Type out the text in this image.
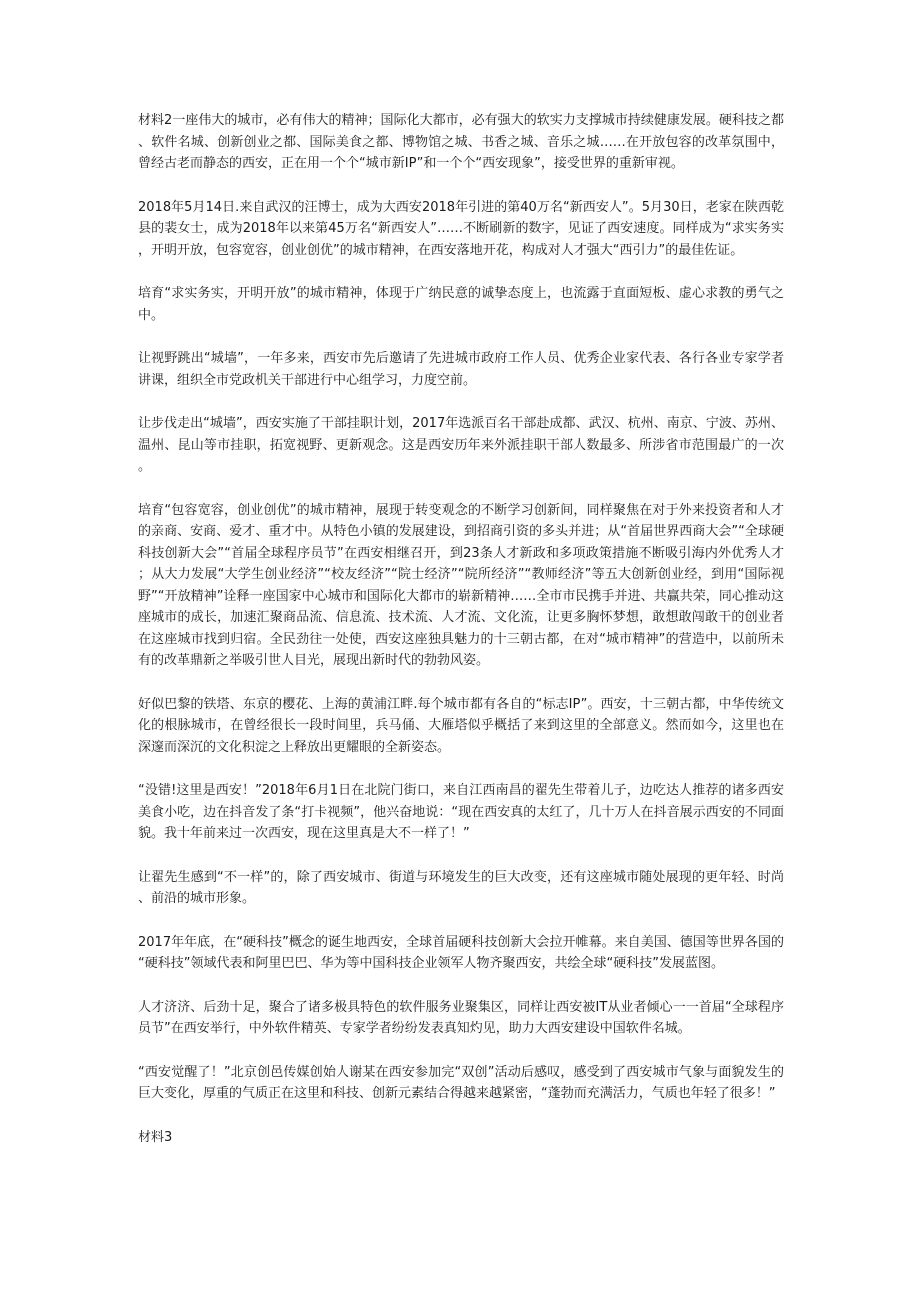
材料2一座伟大的城市，必有伟大的精神；国际化大都市，必有强大的软实力支撑城市持续健康发展。硬科技之都、软件名城、创新创业之都、国际美食之都、博物馆之城、书香之城、音乐之城……在开放包容的改革氛围中，曾经古老而静态的西安，正在用一个个“城市新IP”和一个个“西安现象”，接受世界的重新审视。

2018年5月14日.来自武汉的汪博士，成为大西安2018年引进的第40万名“新西安人”。5月30日，老家在陕西乾县的裴女士，成为2018年以来第45万名“新西安人”……不断刷新的数字，见证了西安速度。同样成为“求实务实，开明开放，包容宽容，创业创优”的城市精神，在西安落地开花，构成对人才强大“西引力”的最佳佐证。

培育“求实务实，开明开放”的城市精神，体现于广纳民意的诚挚态度上，也流露于直面短板、虚心求教的勇气之中。

让视野跳出“城墙”，一年多来，西安市先后邀请了先进城市政府工作人员、优秀企业家代表、各行各业专家学者讲课，组织全市党政机关干部进行中心组学习，力度空前。

让步伐走出“城墙”，西安实施了干部挂职计划，2017年选派百名干部赴成都、武汉、杭州、南京、宁波、苏州、温州、昆山等市挂职，拓宽视野、更新观念。这是西安历年来外派挂职干部人数最多、所涉省市范围最广的一次。

培育“包容宽容，创业创优”的城市精神，展现于转变观念的不断学习创新间，同样聚焦在对于外来投资者和人才的亲商、安商、爱才、重才中。从特色小镇的发展建设，到招商引资的多头并进；从“首届世界西商大会”“全球硬科技创新大会”“首届全球程序员节”在西安相继召开，到23条人才新政和多项政策措施不断吸引海内外优秀人才；从大力发展“大学生创业经济”“校友经济”“院士经济”“院所经济”“教师经济”等五大创新创业经，到用“国际视野”“开放精神”诠释一座国家中心城市和国际化大都市的崭新精神……全市市民携手并进、共赢共荣，同心推动这座城市的成长，加速汇聚商品流、信息流、技术流、人才流、文化流，让更多胸怀梦想，敢想敢闯敢干的创业者在这座城市找到归宿。全民劲往一处使，西安这座独具魅力的十三朝古都，在对“城市精神”的营造中，以前所未有的改革鼎新之举吸引世人目光，展现出新时代的勃勃风姿。

好似巴黎的铁塔、东京的樱花、上海的黄浦江畔.每个城市都有各自的“标志IP”。西安，十三朝古都，中华传统文化的根脉城市，在曾经很长一段时间里，兵马俑、大雁塔似乎概括了来到这里的全部意义。然而如今，这里也在深邃而深沉的文化积淀之上释放出更耀眼的全新姿态。

“没错!这里是西安！”2018年6月1日在北院门街口，来自江西南昌的翟先生带着儿子，边吃达人推荐的诸多西安美食小吃，边在抖音发了条“打卡视频”，他兴奋地说：“现在西安真的太红了，几十万人在抖音展示西安的不同面貌。我十年前来过一次西安，现在这里真是大不一样了！”

让翟先生感到“不一样”的，除了西安城市、街道与环境发生的巨大改变，还有这座城市随处展现的更年轻、时尚、前沿的城市形象。

2017年年底，在“硬科技”概念的诞生地西安，全球首届硬科技创新大会拉开帷幕。来自美国、德国等世界各国的“硬科技”领域代表和阿里巴巴、华为等中国科技企业领军人物齐聚西安，共绘全球“硬科技”发展蓝图。

人才济济、后劲十足，聚合了诸多极具特色的软件服务业聚集区，同样让西安被IT从业者倾心一一首届“全球程序员节”在西安举行，中外软件精英、专家学者纷纷发表真知灼见，助力大西安建设中国软件名城。

“西安觉醒了！”北京创邑传媒创始人谢某在西安参加完“双创”活动后感叹，感受到了西安城市气象与面貌发生的巨大变化，厚重的气质正在这里和科技、创新元素结合得越来越紧密，“蓬勃而充满活力，气质也年轻了很多！”

材料3
